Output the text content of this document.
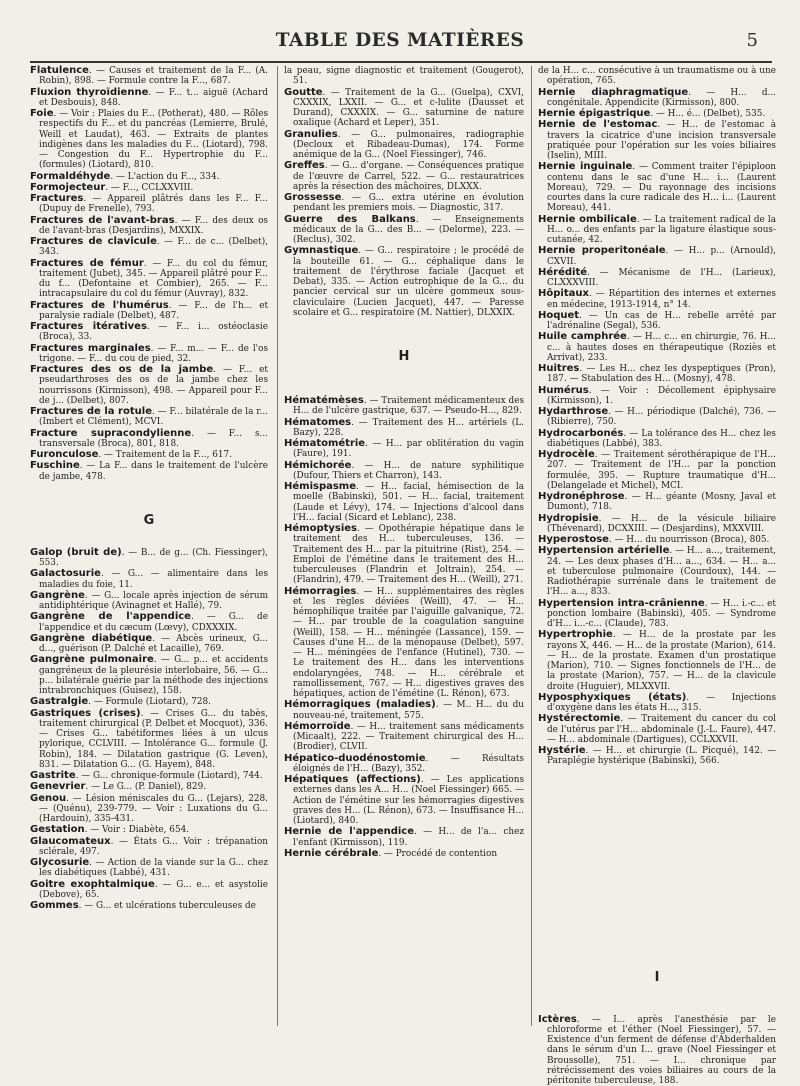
TABLE DES MATIÈRES	5
Flatulence. — Causes et traitement de la F... (A. Robin), 898. — Formule contre la F..., 687.
Fluxion thyroïdienne. — F... t... aiguë (Achard et Desbouis), 848.
Foie. — Voir : Plaies du F... (Potherat), 480. — Rôles respectifs du F... et du pancréas (Lemierre, Brulé, Weill et Laudat), 463. — Extraits de plantes indigènes dans les maladies du F... (Liotard), 798. — Congestion du F... Hypertrophie du F... (formules) (Liotard), 810.
Formaldéhyde. — L'action du F..., 334.
Formojecteur. — F..., CCLXXVIII.
Fractures. — Appareil plâtrés dans les F... F... (Dupuy de Frenelle), 793.
Fractures de l'avant-bras. — F... des deux os de l'avant-bras (Desjardins), MXXIX.
Fractures de clavicule. — F... de c... (Delbet), 343.
Fractures de fémur. — F... du col du fémur, traitement (Jubet), 345. — Appareil plâtré pour F... du f... (Defontaine et Combier), 265. — F... intracapsulaire du col du fémur (Auvray), 832.
Fractures de l'humérus. — F... de l'h... et paralysie radiale (Delbet), 487.
Fractures itératives. — F... i... ostéoclasie (Broca), 33.
Fractures marginales. — F... m... — F... de l'os trigone. — F... du cou de pied, 32.
Fractures des os de la jambe. — F... et pseudarthroses des os de la jambe chez les nourrissons (Kirmisson), 498. — Appareil pour F... de j... (Delbet), 807.
Fractures de la rotule. — F... bilatérale de la r... (Imbert et Clément), MCVI.
Fracture supracondylienne. — F... s... transversale (Broca), 801, 818.
Furonculose. — Traitement de la F..., 617.
Fuschine. — La F... dans le traitement de l'ulcère de jambe, 478.
G
Galop (bruit de). — B... de g... (Ch. Fiessinger), 553.
Galactosurie. — G... — alimentaire dans les maladies du foie, 11.
Gangrène. — G... locale après injection de sérum antidiphtérique (Avinagnet et Hallé), 79.
Gangrène de l'appendice. — G... de l'appendice et du cæcum (Lœvy), CDXXXIX.
Gangrène diabétique. — Abcès urineux, G... d..., guérison (P. Dalché et Lacaille), 769.
Gangrène pulmonaire. — G... p... et accidents gangréneux de la pleurésie interlobaire, 56. — G... p... bilatérale guérie par la méthode des injections intrabronchiques (Guisez), 158.
Gastralgie. — Formule (Liotard), 728.
Gastriques (crises). — Crises G... du tabès, traitement chirurgical (P. Delbet et Mocquot), 336. — Crises G... tabétiformes liées à un ulcus pylorique, CCLVIII. — Intolérance G... formule (J. Robin), 184. — Dilatation gastrique (G. Leven), 831. — Dilatation G... (G. Hayem), 848.
Gastrite. — G... chronique-formule (Liotard), 744.
Genevrier. — Le G... (P. Daniel), 829.
Genou. — Lésion méniscales du G... (Lejars), 228. — (Quénu), 239-779. — Voir : Luxations du G... (Hardouin), 335-431.
Gestation. — Voir : Diabète, 654.
Glaucomateux. — États G... Voir : trépanation sclérale, 497.
Glycosurie. — Action de la viande sur la G... chez les diabétiques (Labbé), 431.
Goitre exophtalmique. — G... e... et asystolie (Debove), 65.
Gommes. — G... et ulcérations tuberculeuses de
la peau, signe diagnostic et traitement (Gougerot), 51.
Goutte. — Traitement de la G... (Guelpa), CXVI, CXXXIX, LXXII. — G... et c-lulite (Dausset et Durand), CXXXIX. — G... saturnine de nature oxalique (Achard et Leper), 351.
Granulies. — G... pulmonaires, radiographie (Decloux et Ribadeau-Dumas), 174. Forme anémique de la G... (Noel Fiessinger), 746.
Greffes. — G... d'organe. — Conséquences pratique de l'œuvre de Carrel, 522. — G... restauratrices après la résection des mâchoires, DLXXX.
Grossesse. — G... extra utérine en évolution pendant les premiers mois. — Diagnostic, 317.
Guerre des Balkans. — Enseignements médicaux de la G... des B... — (Delorme), 223. — (Reclus), 302.
Gymnastique. — G... respiratoire ; le procédé de la bouteille 61. — G... céphalique dans le traitement de l'érythrose faciale (Jacquet et Debat), 335. — Action eutrophique de la G... du pancier cervical sur un ulcère gommeux sous-claviculaire (Lucien Jacquet), 447. — Paresse scolaire et G... respiratoire (M. Nattier), DLXXIX.
H
Hématémèses. — Traitement médicamenteux des H... de l'ulcère gastrique, 637. — Pseudo-H..., 829.
Hématomes. — Traitement des H... artériels (L. Bazy), 228.
Hématométrie. — H... par oblitération du vagin (Faure), 191.
Hémichorée. — H... de nature syphilitique (Dufour, Thiers et Charron), 143.
Hémispasme. — H... facial, hémisection de la moelle (Babinski), 501. — H... facial, traitement (Laude et Lévy), 174. — Injections d'alcool dans l'H... facial (Sicard et Leblanc), 238.
Hémoptysies. — Opothérapie hépatique dans le traitement des H... tuberculeuses, 136. — Traitement des H... par la pituitrine (Rist), 254. — Emploi de l'émétine dans le traitement des H... tuberculeuses (Flandrin et Joltrain), 254. — (Flandrin), 479. — Traitement des H... (Weill), 271.
Hémorragies. — H... supplémentaires des règles et les règles déviées (Weill), 47. — H... hémophilique traitée par l'aiguille galvanique, 72. — H... par trouble de la coagulation sanguine (Weill), 158. — H... méningée (Lassance), 159. — Causes d'une H... de la ménopause (Delbet), 597. — H... méningées de l'enfance (Hutinel), 730. — Le traitement des H... dans les interventions endolaryngées, 748. — H... cérébrale et ramollissement, 767. — H... digestives graves des hépatiques, action de l'émétine (L. Rénon), 673.
Hémorragiques (maladies). — M.. H... du du nouveau-né, traitement, 575.
Hémorroïde. — H... traitement sans médicaments (Micaalt), 222. — Traitement chirurgical des H... (Brodier), CLVII.
Hépatico-duodénostomie. — Résultats éloignés de l'H... (Bazy), 352.
Hépatiques (affections). — Les applications externes dans les A... H... (Noel Fiessinger) 665. — Action de l'émétine sur les hémorragies digestives graves des H... (L. Rénon), 673. — Insuffisance H... (Liotard), 840.
Hernie de l'appendice. — H... de l'a... chez l'enfant (Kirmisson), 119.
Hernie cérébrale. — Procédé de contention
de la H... c... consécutive à un traumatisme ou à une opération, 765.
Hernie diaphragmatique. — H... d... congénitale. Appendicite (Kirmisson), 800.
Hernie épigastrique. — H... é... (Delbet), 535.
Hernie de l'estomac. — H... de l'estomac à travers la cicatrice d'une incision transversale pratiquée pour l'opération sur les voies biliaires (Iselin), MIII.
Hernie inguinale. — Comment traiter l'épiploon contenu dans le sac d'une H... i... (Laurent Moreau), 729. — Du rayonnage des incisions courtes dans la cure radicale des H... i... (Laurent Moreau), 441.
Hernie ombilicale. — La traitement radical de la H... o... des enfants par la ligature élastique sous-cutanée, 42.
Hernie properitonéale. — H... p... (Arnould), CXVII.
Hérédité. — Mécanisme de l'H... (Larieux), CLXXXVIII.
Hôpitaux. — Répartition des internes et externes en médecine, 1913-1914, n° 14.
Hoquet. — Un cas de H... rebelle arrêté par l'adrénaline (Segal), 536.
Huile camphrée. — H... c... en chirurgie, 76. H... c... à hautes doses en thérapeutique (Roziès et Arrivat), 233.
Huitres. — Les H... chez les dyspeptiques (Pron), 187. — Stabulation des H... (Mosny), 478.
Humérus. — Voir : Décollement épiphysaire (Kirmisson), 1.
Hydarthrose. — H... périodique (Dalché), 736. — (Ribierre), 750.
Hydrocarbonés. — La tolérance des H... chez les diabétiques (Labbé), 383.
Hydrocèle. — Traitement sérothérapique de l'H... 207. — Traitement de l'H... par la ponction formulée, 395. — Rupture traumatique d'H... (Delangelade et Michel), MCI.
Hydronéphrose. — H... géante (Mosny, Javal et Dumont), 718.
Hydropisie. — H... de la vésicule biliaire (Thévenard), DCXXIII. — (Desjardins), MXXVIII.
Hyperostose. — H... du nourrisson (Broca), 805.
Hypertension artérielle. — H... a..., traitement, 24. — Les deux phases d'H... a..., 634. — H... a... et tuberculose pulmonaire (Courdoux), 144. — Radiothérapie surrénale dans le traitement de l'H... a..., 833.
Hypertension intra-crânienne. — H... i.-c... et ponction lombaire (Babinski), 405. — Syndrome d'H... i...-c... (Claude), 783.
Hypertrophie. — H... de la prostate par les rayons X, 446. — H... de la prostate (Marion), 614. — H... de la prostate. Examen d'un prostatique (Marion), 710. — Signes fonctionnels de l'H... de la prostate (Marion), 757. — H... de la clavicule droite (Huguier), MLXXVII.
Hyposphyxiques (états). — Injections d'oxygène dans les états H..., 315.
Hystérectomie. — Traitement du cancer du col de l'utérus par l'H... abdominale (J.-L. Faure), 447. — H... abdominale (Dartigues), CCLXXVII.
Hystérie. — H... et chirurgie (L. Picqué), 142. — Paraplégie hystérique (Babinski), 566.
I
Ictères. — I... après l'anesthésie par le chloroforme et l'éther (Noel Fiessinger), 57. — Existence d'un ferment de défense d'Abderhalden dans le sérum d'un I... grave (Noel Fiessinger et Broussolle), 751. — I... chronique par rétrécissement des voies biliaires au cours de la péritonite tuberculeuse, 188.
